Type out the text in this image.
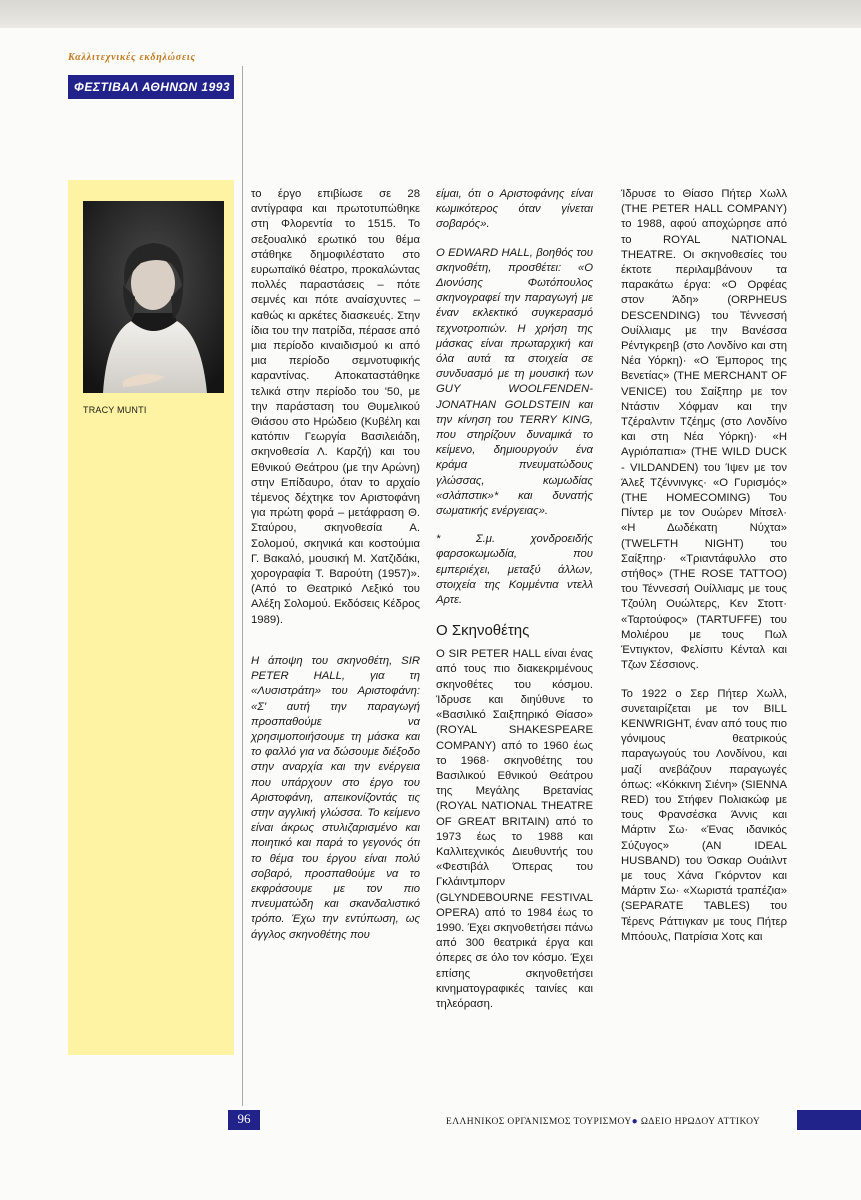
Καλλιτεχνικές εκδηλώσεις
ΦΕΣΤΙΒΑΛ ΑΘΗΝΩΝ 1993
TRACY MUNTI

το έργο επιβίωσε σε 28 αντίγραφα και πρωτοτυπώθηκε στη Φλορεντία το 1515. Το σεξουαλικό ερωτικό του θέμα στάθηκε δημοφιλέστατο στο ευρωπαϊκό θέατρο, προκαλώντας πολλές παραστάσεις – πότε σεμνές και πότε αναίσχυντες – καθώς κι αρκέτες διασκευές. Στην ίδια του την πατρίδα, πέρασε από μια περίοδο κιναιδισμού κι από μια περίοδο σεμνοτυφικής καραντίνας. Αποκαταστάθηκε τελικά στην περίοδο του '50, με την παράσταση του Θυμελικού Θιάσου στο Ηρώδειο (Κυβέλη και κατόπιν Γεωργία Βασιλειάδη, σκηνοθεσία Λ. Καρζή) και του Εθνικού Θεάτρου (με την Αρώνη) στην Επίδαυρο, όταν το αρχαίο τέμενος δέχτηκε τον Αριστοφάνη για πρώτη φορά – μετάφραση Θ. Σταύρου, σκηνοθεσία Α. Σολομού, σκηνικά και κοστούμια Γ. Βακαλό, μουσική Μ. Χατζιδάκι, χορογραφία Τ. Βαρούτη (1957)». (Από το Θεατρικό Λεξικό του Αλέξη Σολομού. Εκδόσεις Κέδρος 1989).

Η άποψη του σκηνοθέτη, SIR PETER HALL, για τη «Λυσιστράτη» του Αριστοφάνη: «Σ' αυτή την παραγωγή προσπαθούμε να χρησιμοποιήσουμε τη μάσκα και το φαλλό για να δώσουμε διέξοδο στην αναρχία και την ενέργεια που υπάρχουν στο έργο του Αριστοφάνη, απεικονίζοντάς τις στην αγγλική γλώσσα. Το κείμενο είναι άκρως στυλιζαρισμένο και ποιητικό και παρά το γεγονός ότι το θέμα του έργου είναι πολύ σοβαρό, προσπαθούμε να το εκφράσουμε με τον πιο πνευματώδη και σκανδαλιστικό τρόπο. Έχω την εντύπωση, ως άγγλος σκηνοθέτης που

είμαι, ότι ο Αριστοφάνης είναι κωμικότερος όταν γίνεται σοβαρός».

Ο EDWARD HALL, βοηθός του σκηνοθέτη, προσθέτει: «Ο Διονύσης Φωτόπουλος σκηνογραφεί την παραγωγή με έναν εκλεκτικό συγκερασμό τεχνοτροπιών. Η χρήση της μάσκας είναι πρωταρχική και όλα αυτά τα στοιχεία σε συνδυασμό με τη μουσική των GUY WOOLFENDEN-JONATHAN GOLDSTEIN και την κίνηση του TERRY KING, που στηρίζουν δυναμικά το κείμενο, δημιουργούν ένα κράμα πνευματώδους γλώσσας, κωμωδίας «σλάπστικ»* και δυνατής σωματικής ενέργειας».

* Σ.μ. χονδροειδής φαρσοκωμωδία, που εμπεριέχει, μεταξύ άλλων, στοιχεία της Κομμέντια ντελλ Αρτε.

Ο Σκηνοθέτης

Ο SIR PETER HALL είναι ένας από τους πιο διακεκριμένους σκηνοθέτες του κόσμου. Ίδρυσε και διηύθυνε το «Βασιλικό Σαιξπηρικό Θίασο» (ROYAL SHAKESPEARE COMPANY) από το 1960 έως το 1968· σκηνοθέτης του Βασιλικού Εθνικού Θεάτρου της Μεγάλης Βρετανίας (ROYAL NATIONAL THEATRE OF GREAT BRITAIN) από το 1973 έως το 1988 και Καλλιτεχνικός Διευθυντής του «Φεστιβάλ Όπερας του Γκλάιντμπορν (GLYNDEBOURNE FESTIVAL OPERA) από το 1984 έως το 1990. Έχει σκηνοθετήσει πάνω από 300 θεατρικά έργα και όπερες σε όλο τον κόσμο. Έχει επίσης σκηνοθετήσει κινηματογραφικές ταινίες και τηλεόραση.

Ίδρυσε το Θίασο Πήτερ Χωλλ (THE PETER HALL COMPANY) το 1988, αφού αποχώρησε από το ROYAL NATIONAL THEATRE. Οι σκηνοθεσίες του έκτοτε περιλαμβάνουν τα παρακάτω έργα: «Ο Ορφέας στον Άδη» (ORPHEUS DESCENDING) του Τέννεσσή Ουίλλιαμς με την Βανέσσα Ρέντγκρεηβ (στο Λονδίνο και στη Νέα Υόρκη)· «Ο Έμπορος της Βενετίας» (THE MERCHANT OF VENICE) του Σαίξπηρ με τον Ντάστιν Χόφμαν και την Τζέραλντιν Τζέημς (στο Λονδίνο και στη Νέα Υόρκη)· «Η Αγριόπαπια» (THE WILD DUCK - VILDANDEN) του Ίψεν με τον Άλεξ Τζέννινγκς· «Ο Γυρισμός» (THE HOMECOMING) Του Πίντερ με τον Ουώρεν Μίτσελ· «Η Δωδέκατη Νύχτα» (TWELFTH NIGHT) του Σαίξπηρ· «Τριαντάφυλλο στο στήθος» (THE ROSE TATTOO) του Τέννεσσή Ουίλλιαμς με τους Τζούλη Ουώλτερς, Κεν Στοττ· «Ταρτούφος» (TARTUFFE) του Μολιέρου με τους Πωλ Έντιγκτον, Φελίσιτυ Κένταλ και Τζων Σέσσιονς.

Το 1922 ο Σερ Πήτερ Χωλλ, συνεταιρίζεται με τον BILL KENWRIGHT, έναν από τους πιο γόνιμους θεατρικούς παραγωγούς του Λονδίνου, και μαζί ανεβάζουν παραγωγές όπως: «Κόκκινη Σιένη» (SIENNA RED) του Στήφεν Πολιακώφ με τους Φρανσέσκα Άννις και Μάρτιν Σω· «Ένας ιδανικός Σύζυγος» (AN IDEAL HUSBAND) του Όσκαρ Ουάιλντ με τους Χάνα Γκόρντον και Μάρτιν Σω· «Χωριστά τραπέζια» (SEPARATE TABLES) του Τέρενς Ράττιγκαν με τους Πήτερ Μπόουλς, Πατρίσια Χοτς και

96	ΕΛΛΗΝΙΚΟΣ ΟΡΓΑΝΙΣΜΟΣ ΤΟΥΡΙΣΜΟΥ● ΩΔΕΙΟ ΗΡΩΔΟΥ ΑΤΤΙΚΟΥ
